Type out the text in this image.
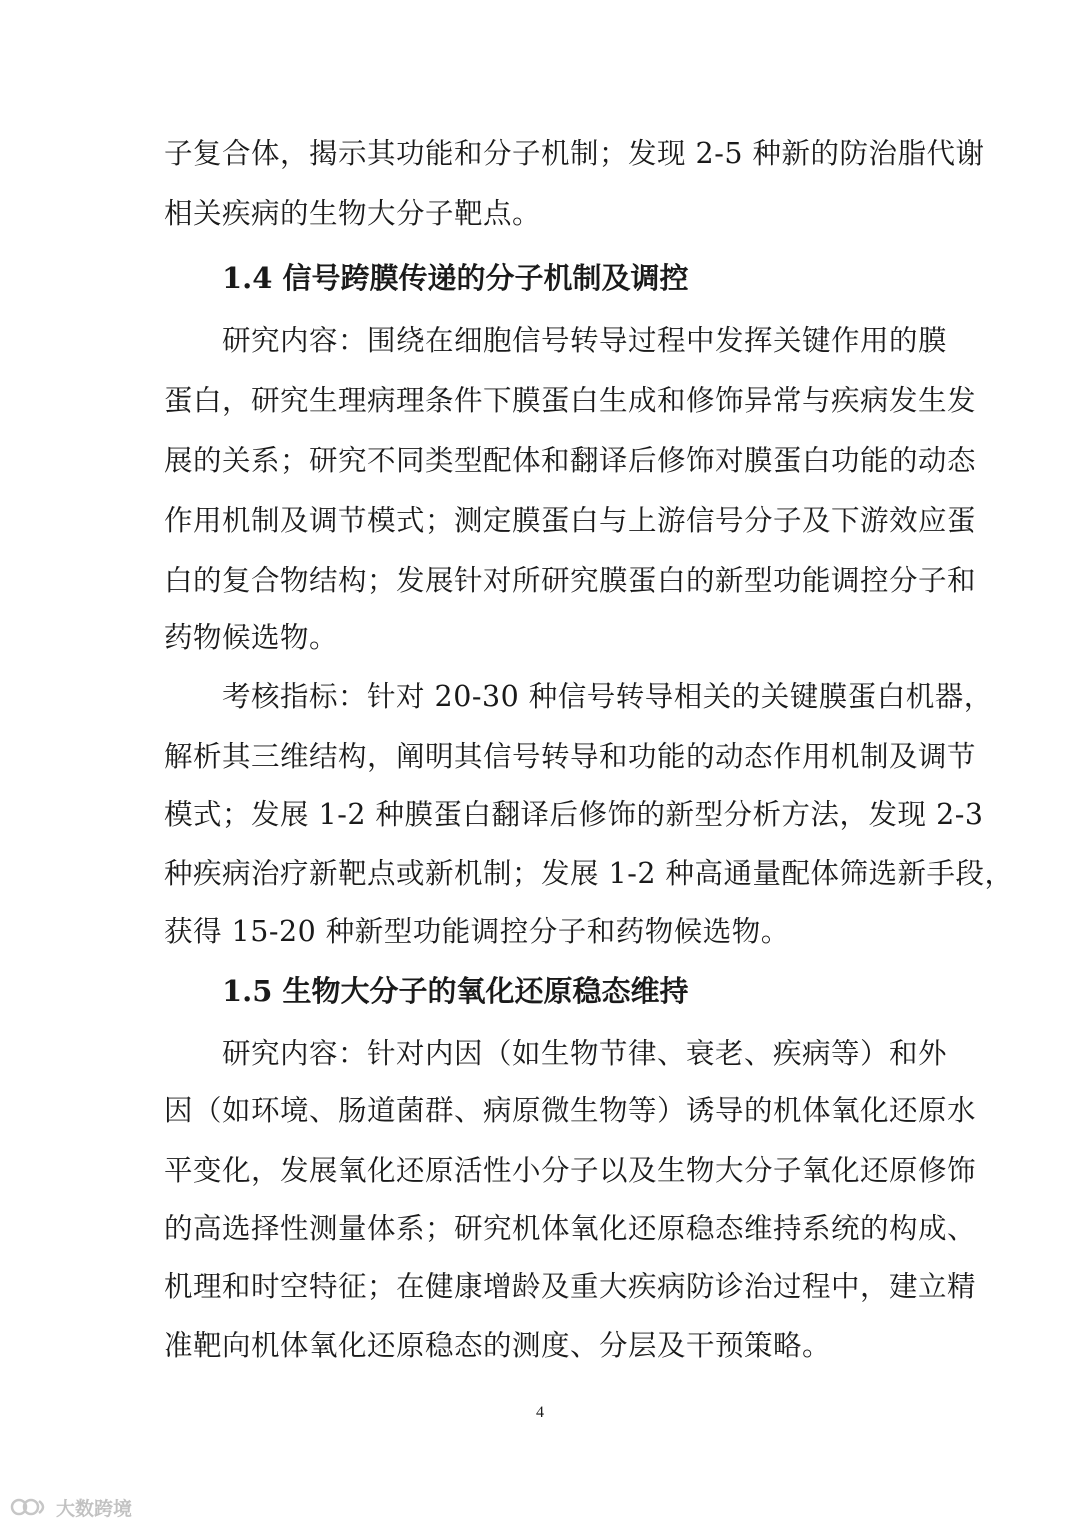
子复合体，揭示其功能和分子机制；发现 2-5 种新的防治脂代谢
相关疾病的生物大分子靶点。
1.4 信号跨膜传递的分子机制及调控
研究内容：围绕在细胞信号转导过程中发挥关键作用的膜
蛋白，研究生理病理条件下膜蛋白生成和修饰异常与疾病发生发
展的关系；研究不同类型配体和翻译后修饰对膜蛋白功能的动态
作用机制及调节模式；测定膜蛋白与上游信号分子及下游效应蛋
白的复合物结构；发展针对所研究膜蛋白的新型功能调控分子和
药物候选物。
考核指标：针对 20-30 种信号转导相关的关键膜蛋白机器，
解析其三维结构，阐明其信号转导和功能的动态作用机制及调节
模式；发展 1-2 种膜蛋白翻译后修饰的新型分析方法，发现 2-3
种疾病治疗新靶点或新机制；发展 1-2 种高通量配体筛选新手段，
获得 15-20 种新型功能调控分子和药物候选物。
1.5 生物大分子的氧化还原稳态维持
研究内容：针对内因（如生物节律、衰老、疾病等）和外
因（如环境、肠道菌群、病原微生物等）诱导的机体氧化还原水
平变化，发展氧化还原活性小分子以及生物大分子氧化还原修饰
的高选择性测量体系；研究机体氧化还原稳态维持系统的构成、
机理和时空特征；在健康增龄及重大疾病防诊治过程中，建立精
准靶向机体氧化还原稳态的测度、分层及干预策略。
4
大数跨境
